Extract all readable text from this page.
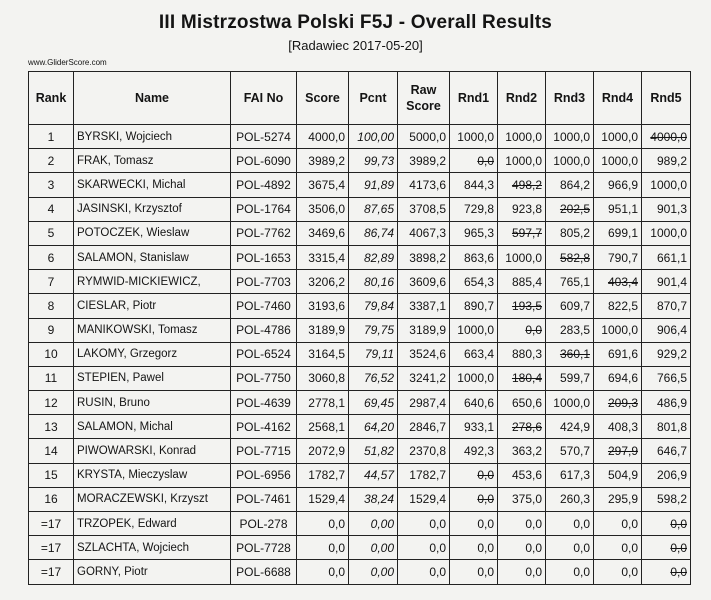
III Mistrzostwa Polski F5J - Overall Results
[Radawiec 2017-05-20]
www.GliderScore.com
Rank	Name	FAI No	Score	Pcnt	Raw Score	Rnd1	Rnd2	Rnd3	Rnd4	Rnd5
1	BYRSKI, Wojciech	POL-5274	4000,0	100,00	5000,0	1000,0	1000,0	1000,0	1000,0	4000,0
2	FRAK, Tomasz	POL-6090	3989,2	99,73	3989,2	0,0	1000,0	1000,0	1000,0	989,2
3	SKARWECKI, Michal	POL-4892	3675,4	91,89	4173,6	844,3	498,2	864,2	966,9	1000,0
4	JASINSKI, Krzysztof	POL-1764	3506,0	87,65	3708,5	729,8	923,8	202,5	951,1	901,3
5	POTOCZEK, Wieslaw	POL-7762	3469,6	86,74	4067,3	965,3	597,7	805,2	699,1	1000,0
6	SALAMON, Stanislaw	POL-1653	3315,4	82,89	3898,2	863,6	1000,0	582,8	790,7	661,1
7	RYMWID-MICKIEWICZ,	POL-7703	3206,2	80,16	3609,6	654,3	885,4	765,1	403,4	901,4
8	CIESLAR, Piotr	POL-7460	3193,6	79,84	3387,1	890,7	193,5	609,7	822,5	870,7
9	MANIKOWSKI, Tomasz	POL-4786	3189,9	79,75	3189,9	1000,0	0,0	283,5	1000,0	906,4
10	LAKOMY, Grzegorz	POL-6524	3164,5	79,11	3524,6	663,4	880,3	360,1	691,6	929,2
11	STEPIEN, Pawel	POL-7750	3060,8	76,52	3241,2	1000,0	180,4	599,7	694,6	766,5
12	RUSIN, Bruno	POL-4639	2778,1	69,45	2987,4	640,6	650,6	1000,0	209,3	486,9
13	SALAMON, Michal	POL-4162	2568,1	64,20	2846,7	933,1	278,6	424,9	408,3	801,8
14	PIWOWARSKI, Konrad	POL-7715	2072,9	51,82	2370,8	492,3	363,2	570,7	297,9	646,7
15	KRYSTA, Mieczyslaw	POL-6956	1782,7	44,57	1782,7	0,0	453,6	617,3	504,9	206,9
16	MORACZEWSKI, Krzyszt	POL-7461	1529,4	38,24	1529,4	0,0	375,0	260,3	295,9	598,2
=17	TRZOPEK, Edward	POL-278	0,0	0,00	0,0	0,0	0,0	0,0	0,0	0,0
=17	SZLACHTA, Wojciech	POL-7728	0,0	0,00	0,0	0,0	0,0	0,0	0,0	0,0
=17	GORNY, Piotr	POL-6688	0,0	0,00	0,0	0,0	0,0	0,0	0,0	0,0
